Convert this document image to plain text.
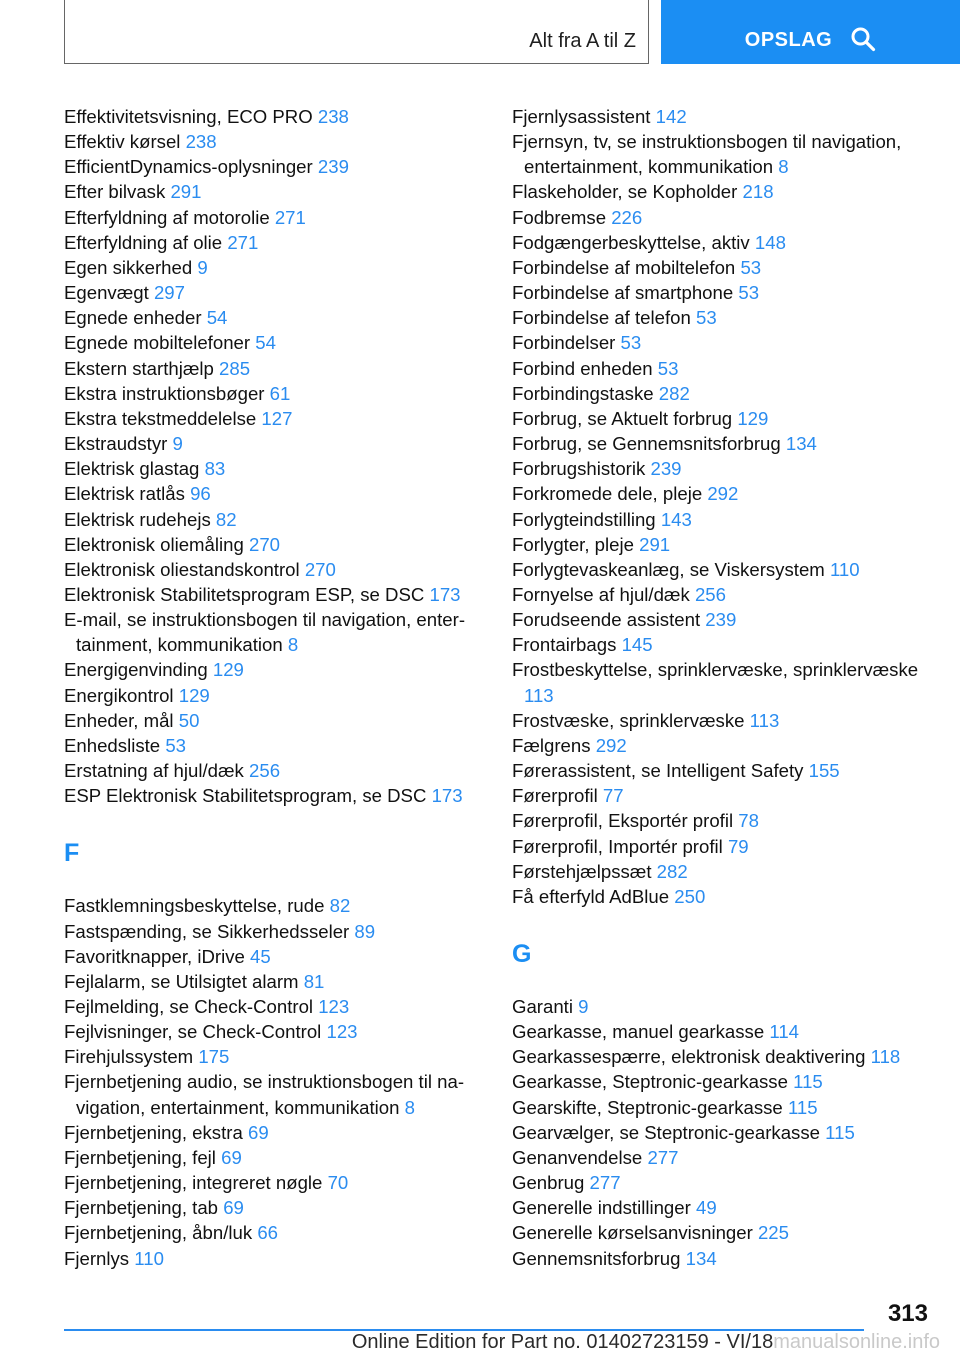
Alt fra A til Z	OPSLAG
Effektivitetsvisning, ECO PRO 238
Effektiv kørsel 238
EfficientDynamics-oplysninger 239
Efter bilvask 291
Efterfyldning af motorolie 271
Efterfyldning af olie 271
Egen sikkerhed 9
Egenvægt 297
Egnede enheder 54
Egnede mobiltelefoner 54
Ekstern starthjælp 285
Ekstra instruktionsbøger 61
Ekstra tekstmeddelelse 127
Ekstraudstyr 9
Elektrisk glastag 83
Elektrisk ratlås 96
Elektrisk rudehejs 82
Elektronisk oliemåling 270
Elektronisk oliestandskontrol 270
Elektronisk Stabilitetsprogram ESP, se DSC 173
E-mail, se instruktionsbogen til navigation, entertainment, kommunikation 8
Energigenvinding 129
Energikontrol 129
Enheder, mål 50
Enhedsliste 53
Erstatning af hjul/dæk 256
ESP Elektronisk Stabilitetsprogram, se DSC 173
F
Fastklemningsbeskyttelse, rude 82
Fastspænding, se Sikkerhedsseler 89
Favoritknapper, iDrive 45
Fejlalarm, se Utilsigtet alarm 81
Fejlmelding, se Check-Control 123
Fejlvisninger, se Check-Control 123
Firehjulssystem 175
Fjernbetjening audio, se instruktionsbogen til navigation, entertainment, kommunikation 8
Fjernbetjening, ekstra 69
Fjernbetjening, fejl 69
Fjernbetjening, integreret nøgle 70
Fjernbetjening, tab 69
Fjernbetjening, åbn/luk 66
Fjernlys 110
Fjernlysassistent 142
Fjernsyn, tv, se instruktionsbogen til navigation, entertainment, kommunikation 8
Flaskeholder, se Kopholder 218
Fodbremse 226
Fodgængerbeskyttelse, aktiv 148
Forbindelse af mobiltelefon 53
Forbindelse af smartphone 53
Forbindelse af telefon 53
Forbindelser 53
Forbind enheden 53
Forbindingstaske 282
Forbrug, se Aktuelt forbrug 129
Forbrug, se Gennemsnitsforbrug 134
Forbrugshistorik 239
Forkromede dele, pleje 292
Forlygteindstilling 143
Forlygter, pleje 291
Forlygtevaskeanlæg, se Viskersystem 110
Fornyelse af hjul/dæk 256
Forudseende assistent 239
Frontairbags 145
Frostbeskyttelse, sprinklervæske, sprinklervæske 113
Frostvæske, sprinklervæske 113
Fælgrens 292
Førerassistent, se Intelligent Safety 155
Førerprofil 77
Førerprofil, Eksportér profil 78
Førerprofil, Importér profil 79
Førstehjælpssæt 282
Få efterfyld AdBlue 250
G
Garanti 9
Gearkasse, manuel gearkasse 114
Gearkassespærre, elektronisk deaktivering 118
Gearkasse, Steptronic-gearkasse 115
Gearskifte, Steptronic-gearkasse 115
Gearvælger, se Steptronic-gearkasse 115
Genanvendelse 277
Genbrug 277
Generelle indstillinger 49
Generelle kørselsanvisninger 225
Gennemsnitsforbrug 134
313
Online Edition for Part no. 01402723159 - VI/18manualsonline.info
